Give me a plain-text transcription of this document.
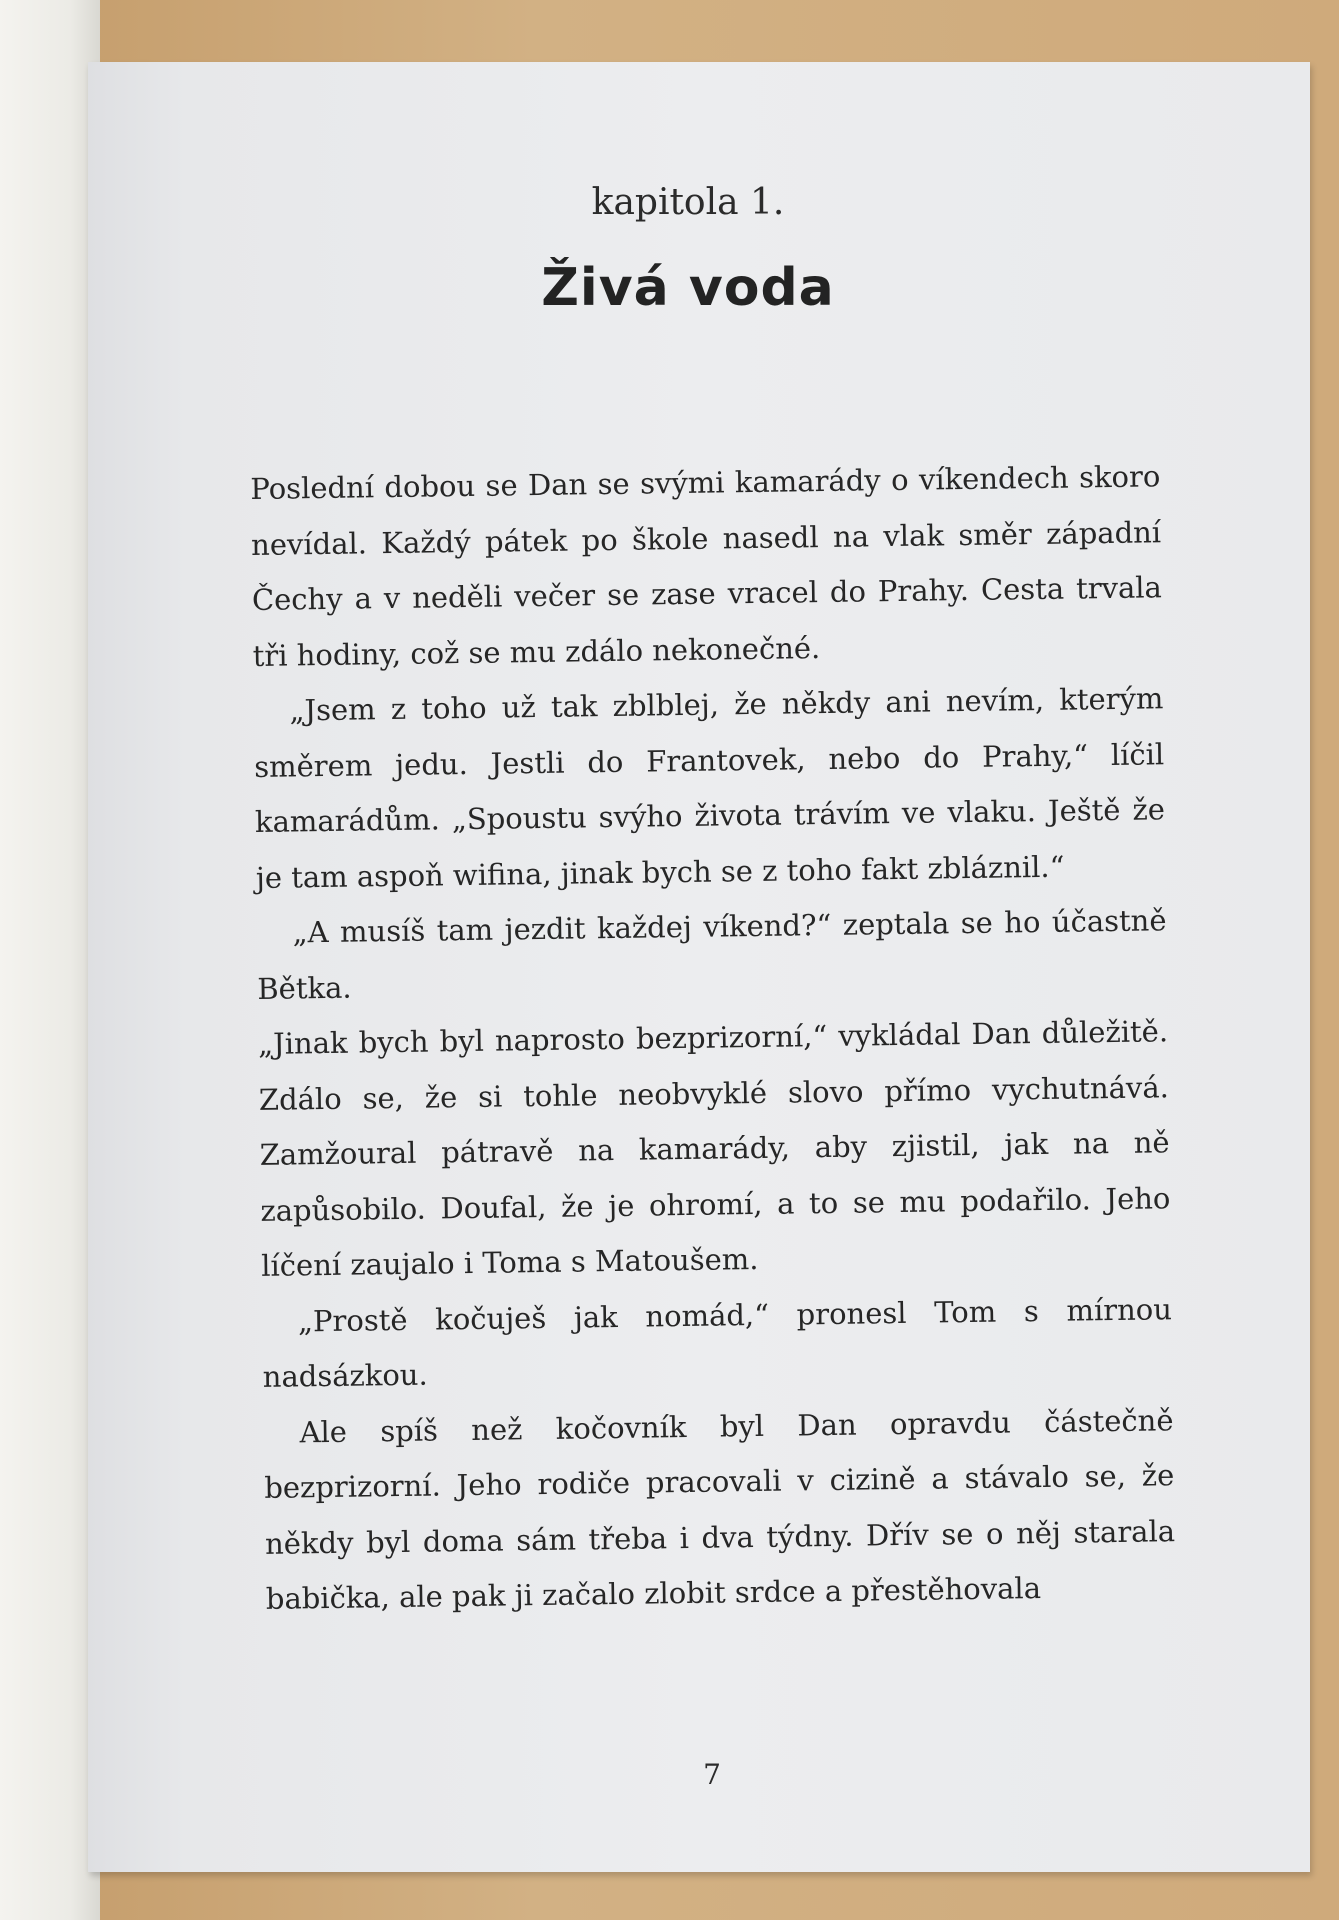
kapitola 1.
Živá voda

Poslední dobou se Dan se svými kamarády o víkendech skoro nevídal. Každý pátek po škole nasedl na vlak směr západní Čechy a v neděli večer se zase vracel do Prahy. Cesta trvala tři hodiny, což se mu zdálo nekonečné.

„Jsem z toho už tak zblblej, že někdy ani nevím, kterým směrem jedu. Jestli do Frantovek, nebo do Prahy,“ líčil kamarádům. „Spoustu svýho života trávím ve vlaku. Ještě že je tam aspoň wifina, jinak bych se z toho fakt zbláznil.“

„A musíš tam jezdit každej víkend?“ zeptala se ho účastně Bětka.

„Jinak bych byl naprosto bezprizorní,“ vykládal Dan důležitě. Zdálo se, že si tohle neobvyklé slovo přímo vychutnává. Zamžoural pátravě na kamarády, aby zjistil, jak na ně zapůsobilo. Doufal, že je ohromí, a to se mu podařilo. Jeho líčení zaujalo i Toma s Matoušem.

„Prostě kočuješ jak nomád,“ pronesl Tom s mírnou nadsázkou.

Ale spíš než kočovník byl Dan opravdu částečně bezprizorní. Jeho rodiče pracovali v cizině a stávalo se, že někdy byl doma sám třeba i dva týdny. Dřív se o něj starala babička, ale pak ji začalo zlobit srdce a přestěhovala

7
